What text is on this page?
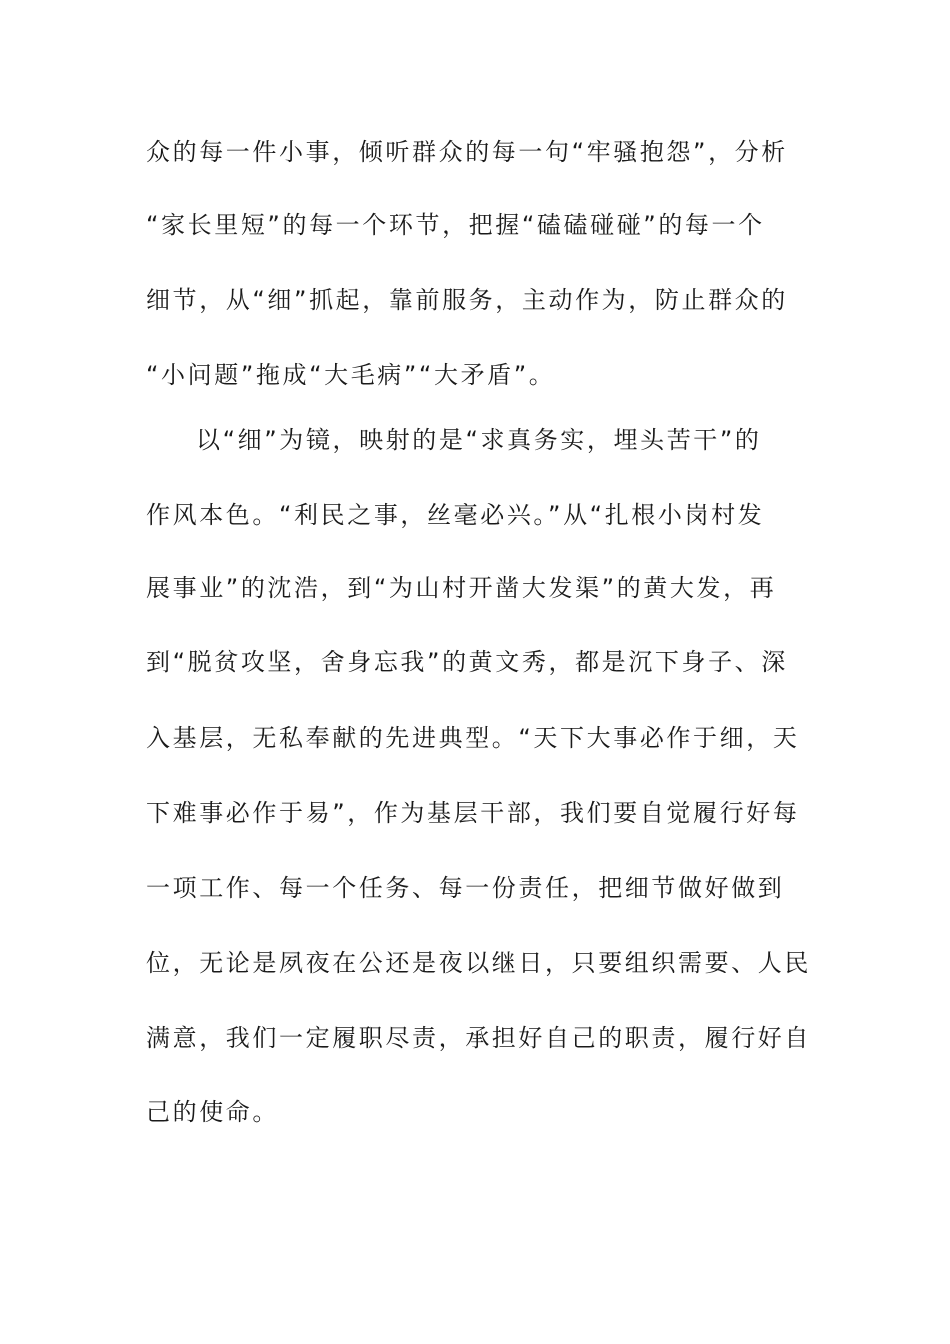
众的每一件小事，倾听群众的每一句“牢骚抱怨”，分析
“家长里短”的每一个环节，把握“磕磕碰碰”的每一个
细节，从“细”抓起，靠前服务，主动作为，防止群众的
“小问题”拖成“大毛病”“大矛盾”。
以“细”为镜，映射的是“求真务实，埋头苦干”的
作风本色。“利民之事，丝毫必兴。”从“扎根小岗村发
展事业”的沈浩，到“为山村开凿大发渠”的黄大发，再
到“脱贫攻坚，舍身忘我”的黄文秀，都是沉下身子、深
入基层，无私奉献的先进典型。“天下大事必作于细，天
下难事必作于易”，作为基层干部，我们要自觉履行好每
一项工作、每一个任务、每一份责任，把细节做好做到
位，无论是夙夜在公还是夜以继日，只要组织需要、人民
满意，我们一定履职尽责，承担好自己的职责，履行好自
己的使命。
